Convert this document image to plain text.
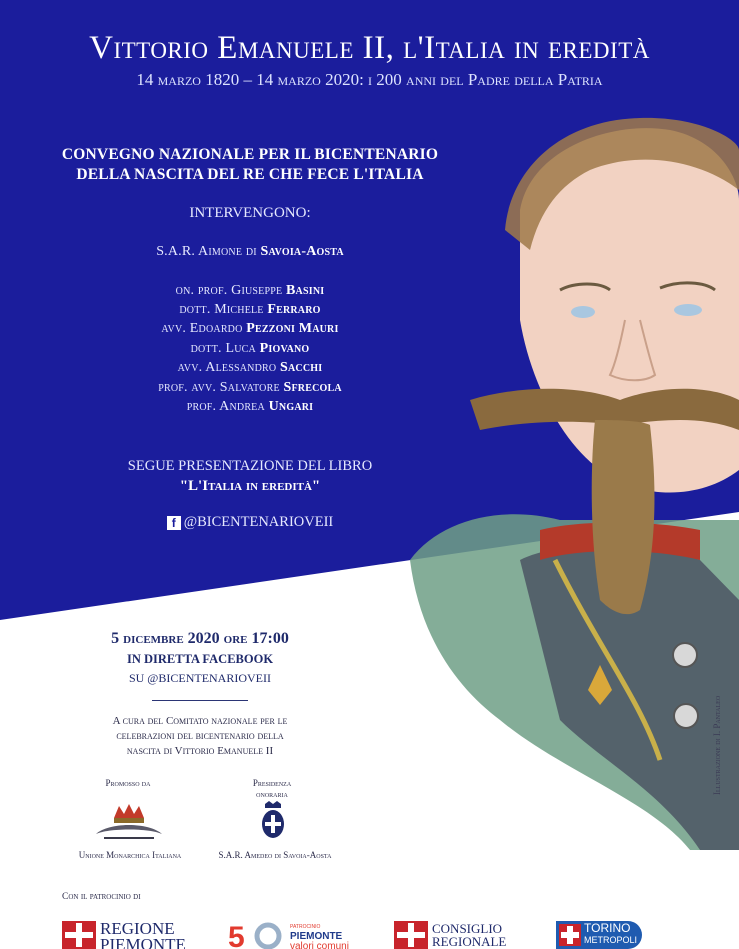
Vittorio Emanuele II, l'Italia in eredità
14 marzo 1820 – 14 marzo 2020: i 200 anni del Padre della Patria
CONVEGNO NAZIONALE PER IL BICENTENARIO
DELLA NASCITA DEL RE CHE FECE L'ITALIA
INTERVENGONO:
S.A.R. Aimone di Savoia-Aosta
on. prof. Giuseppe Basini
dott. Michele Ferraro
avv. Edoardo Pezzoni Mauri
dott. Luca Piovano
avv. Alessandro Sacchi
prof. avv. Salvatore Sfrecola
prof. Andrea Ungari
SEGUE PRESENTAZIONE DEL LIBRO
"L'Italia in eredità"
f @BICENTENARIOVEII
5 dicembre 2020 ore 17:00
IN DIRETTA FACEBOOK
SU @BICENTENARIOVEII
A cura del Comitato nazionale per le
celebrazioni del bicentenario della
nascita di Vittorio Emanuele II
Promosso da	Presidenza
onoraria
Unione Monarchica Italiana	S.A.R. Amedeo di Savoia-Aosta
Con il patrocinio di
REGIONE
PIEMONTE 5	PATROCINIO
PIEMONTE
valori comuni
CONSIGLIO
REGIONALE
TORINO
METROPOLI
Illustrazione di I. Pantaleo
